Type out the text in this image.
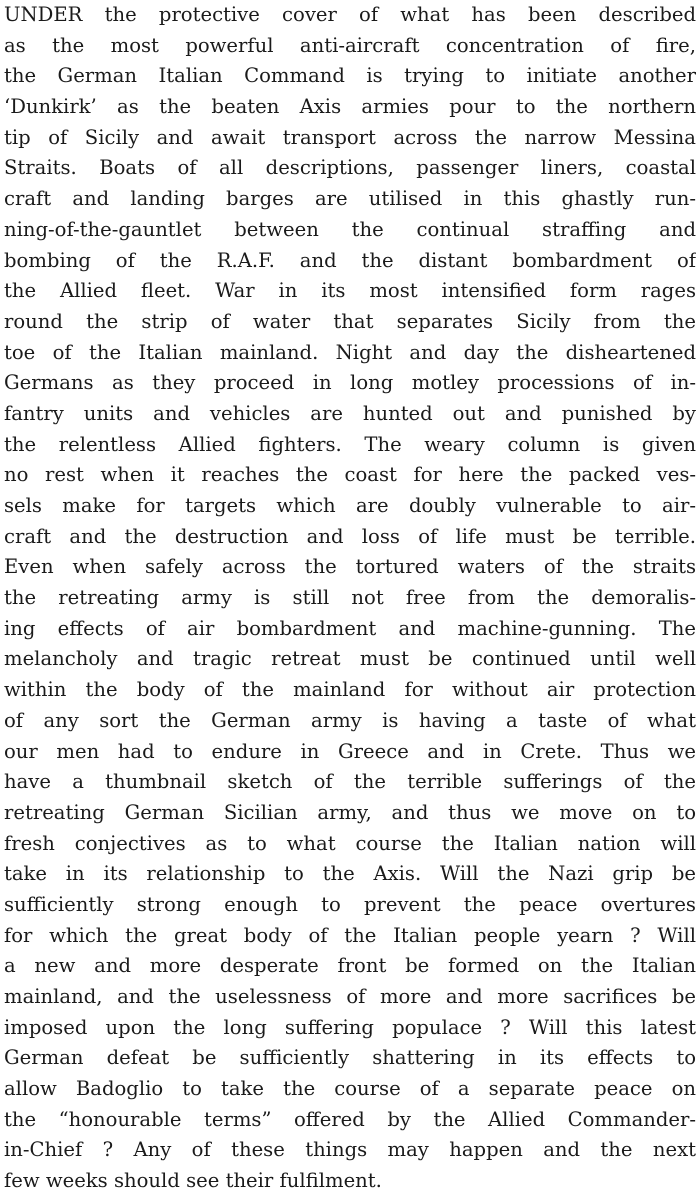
UNDER the protective cover of what has been described
as the most powerful anti-aircraft concentration of fire,
the German Italian Command is trying to initiate another
‘Dunkirk’ as the beaten Axis armies pour to the northern
tip of Sicily and await transport across the narrow Messina
Straits. Boats of all descriptions, passenger liners, coastal
craft and landing barges are utilised in this ghastly run-
ning-of-the-gauntlet between the continual straffing and
bombing of the R.A.F. and the distant bombardment of
the Allied fleet. War in its most intensified form rages
round the strip of water that separates Sicily from the
toe of the Italian mainland. Night and day the disheartened
Germans as they proceed in long motley processions of in-
fantry units and vehicles are hunted out and punished by
the relentless Allied fighters. The weary column is given
no rest when it reaches the coast for here the packed ves-
sels make for targets which are doubly vulnerable to air-
craft and the destruction and loss of life must be terrible.
Even when safely across the tortured waters of the straits
the retreating army is still not free from the demoralis-
ing effects of air bombardment and machine-gunning. The
melancholy and tragic retreat must be continued until well
within the body of the mainland for without air protection
of any sort the German army is having a taste of what
our men had to endure in Greece and in Crete. Thus we
have a thumbnail sketch of the terrible sufferings of the
retreating German Sicilian army, and thus we move on to
fresh conjectives as to what course the Italian nation will
take in its relationship to the Axis. Will the Nazi grip be
sufficiently strong enough to prevent the peace overtures
for which the great body of the Italian people yearn ? Will
a new and more desperate front be formed on the Italian
mainland, and the uselessness of more and more sacrifices be
imposed upon the long suffering populace ? Will this latest
German defeat be sufficiently shattering in its effects to
allow Badoglio to take the course of a separate peace on
the “honourable terms” offered by the Allied Commander-
in-Chief ? Any of these things may happen and the next
few weeks should see their fulfilment.
